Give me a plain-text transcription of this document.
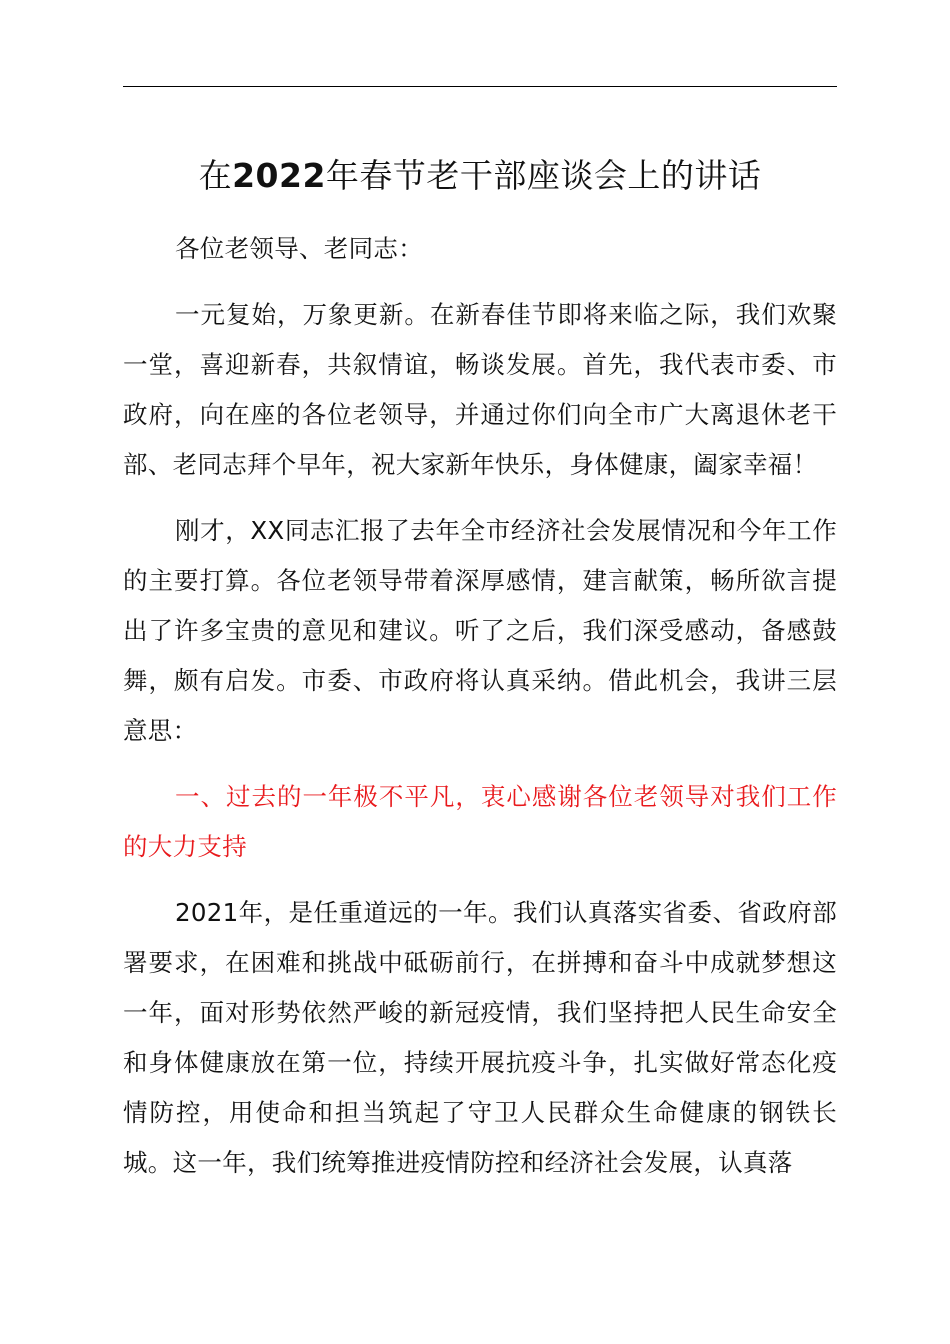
在2022年春节老干部座谈会上的讲话

各位老领导、老同志：

一元复始，万象更新。在新春佳节即将来临之际，我们欢聚一堂，喜迎新春，共叙情谊，畅谈发展。首先，我代表市委、市政府，向在座的各位老领导，并通过你们向全市广大离退休老干部、老同志拜个早年，祝大家新年快乐，身体健康，阖家幸福！

刚才，XX同志汇报了去年全市经济社会发展情况和今年工作的主要打算。各位老领导带着深厚感情，建言献策，畅所欲言提出了许多宝贵的意见和建议。听了之后，我们深受感动，备感鼓舞，颇有启发。市委、市政府将认真采纳。借此机会，我讲三层意思：

一、过去的一年极不平凡，衷心感谢各位老领导对我们工作的大力支持

2021年，是任重道远的一年。我们认真落实省委、省政府部署要求，在困难和挑战中砥砺前行，在拼搏和奋斗中成就梦想这一年，面对形势依然严峻的新冠疫情，我们坚持把人民生命安全和身体健康放在第一位，持续开展抗疫斗争，扎实做好常态化疫情防控，用使命和担当筑起了守卫人民群众生命健康的钢铁长城。这一年，我们统筹推进疫情防控和经济社会发展，认真落
